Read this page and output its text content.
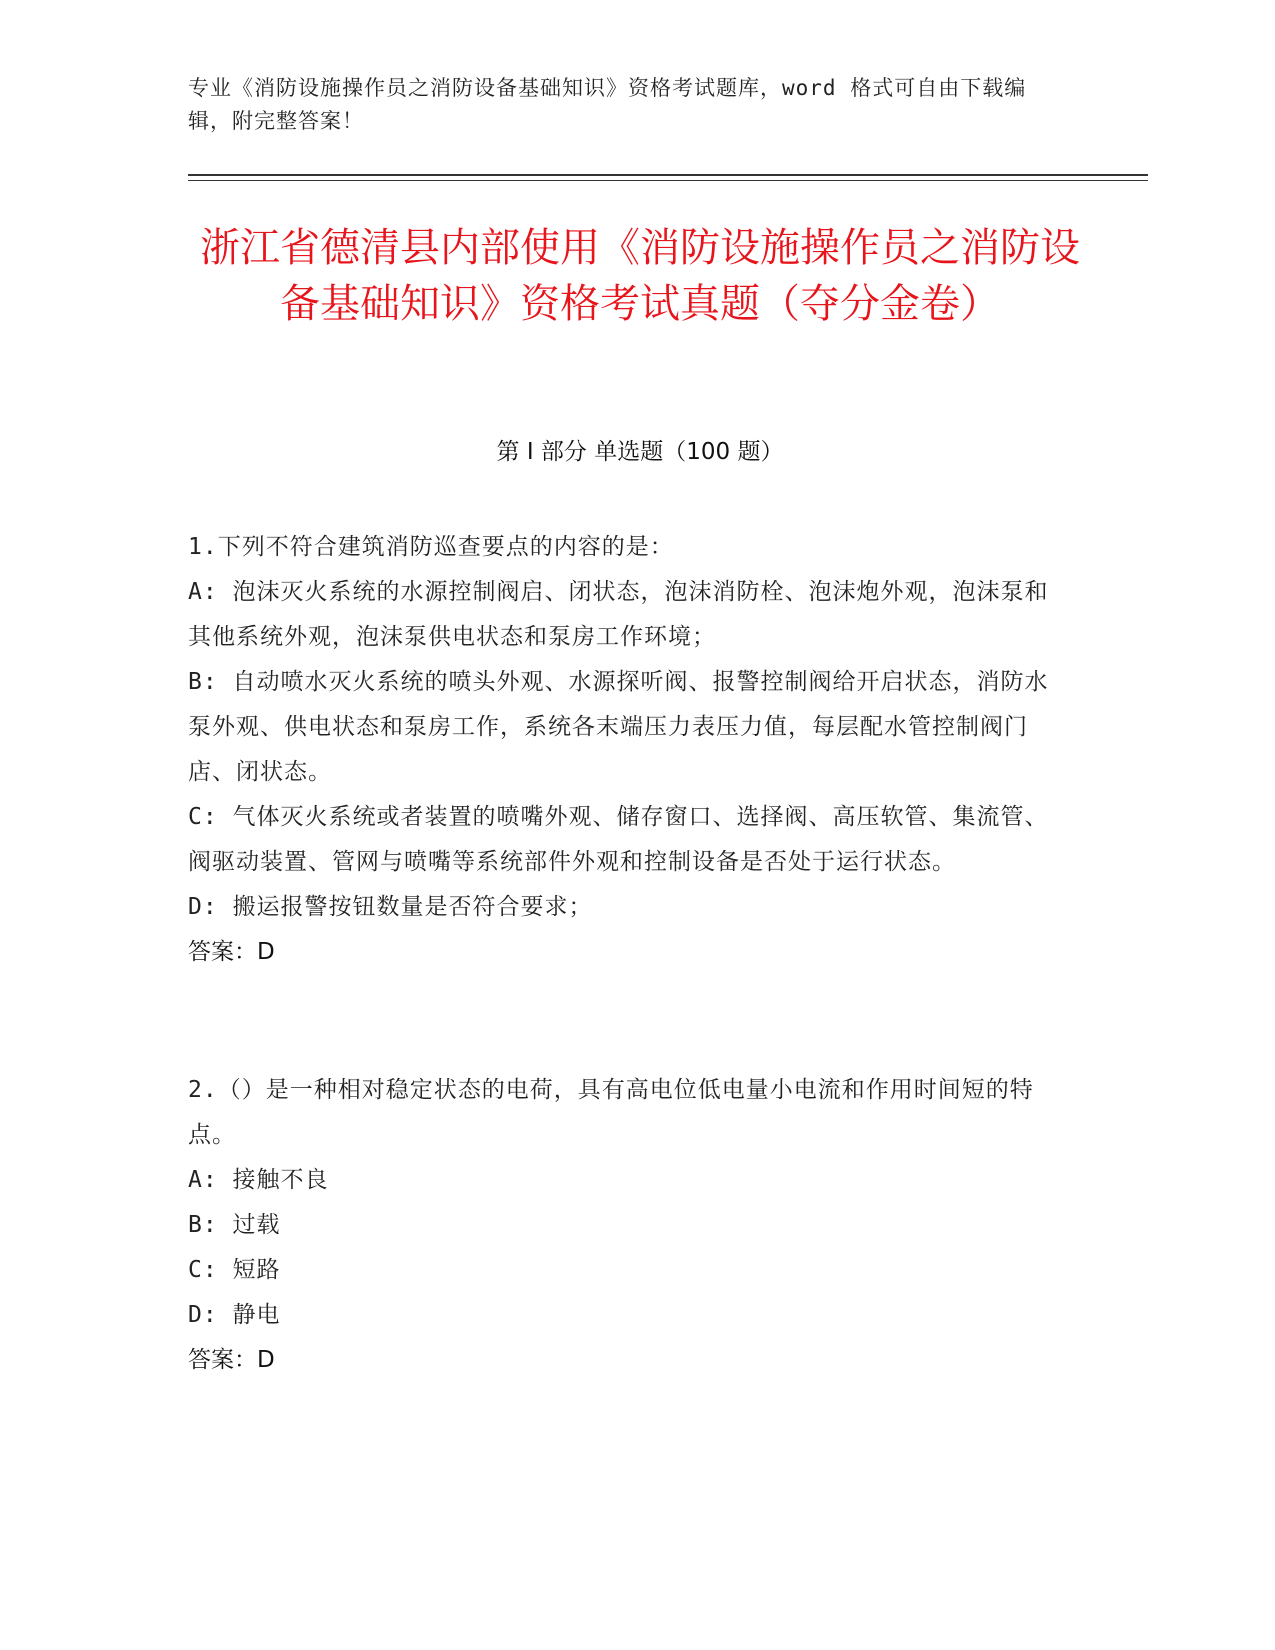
专业《消防设施操作员之消防设备基础知识》资格考试题库，word 格式可自由下载编辑，附完整答案！
浙江省德清县内部使用《消防设施操作员之消防设备基础知识》资格考试真题（夺分金卷）
第 I 部分 单选题（100 题）
1.下列不符合建筑消防巡查要点的内容的是：
A: 泡沫灭火系统的水源控制阀启、闭状态，泡沫消防栓、泡沫炮外观，泡沫泵和其他系统外观，泡沫泵供电状态和泵房工作环境；
B: 自动喷水灭火系统的喷头外观、水源探听阀、报警控制阀给开启状态，消防水泵外观、供电状态和泵房工作，系统各末端压力表压力值，每层配水管控制阀门店、闭状态。
C: 气体灭火系统或者装置的喷嘴外观、储存窗口、选择阀、高压软管、集流管、阀驱动装置、管网与喷嘴等系统部件外观和控制设备是否处于运行状态。
D: 搬运报警按钮数量是否符合要求；
答案：D
2.（）是一种相对稳定状态的电荷，具有高电位低电量小电流和作用时间短的特点。
A: 接触不良
B: 过载
C: 短路
D: 静电
答案：D
